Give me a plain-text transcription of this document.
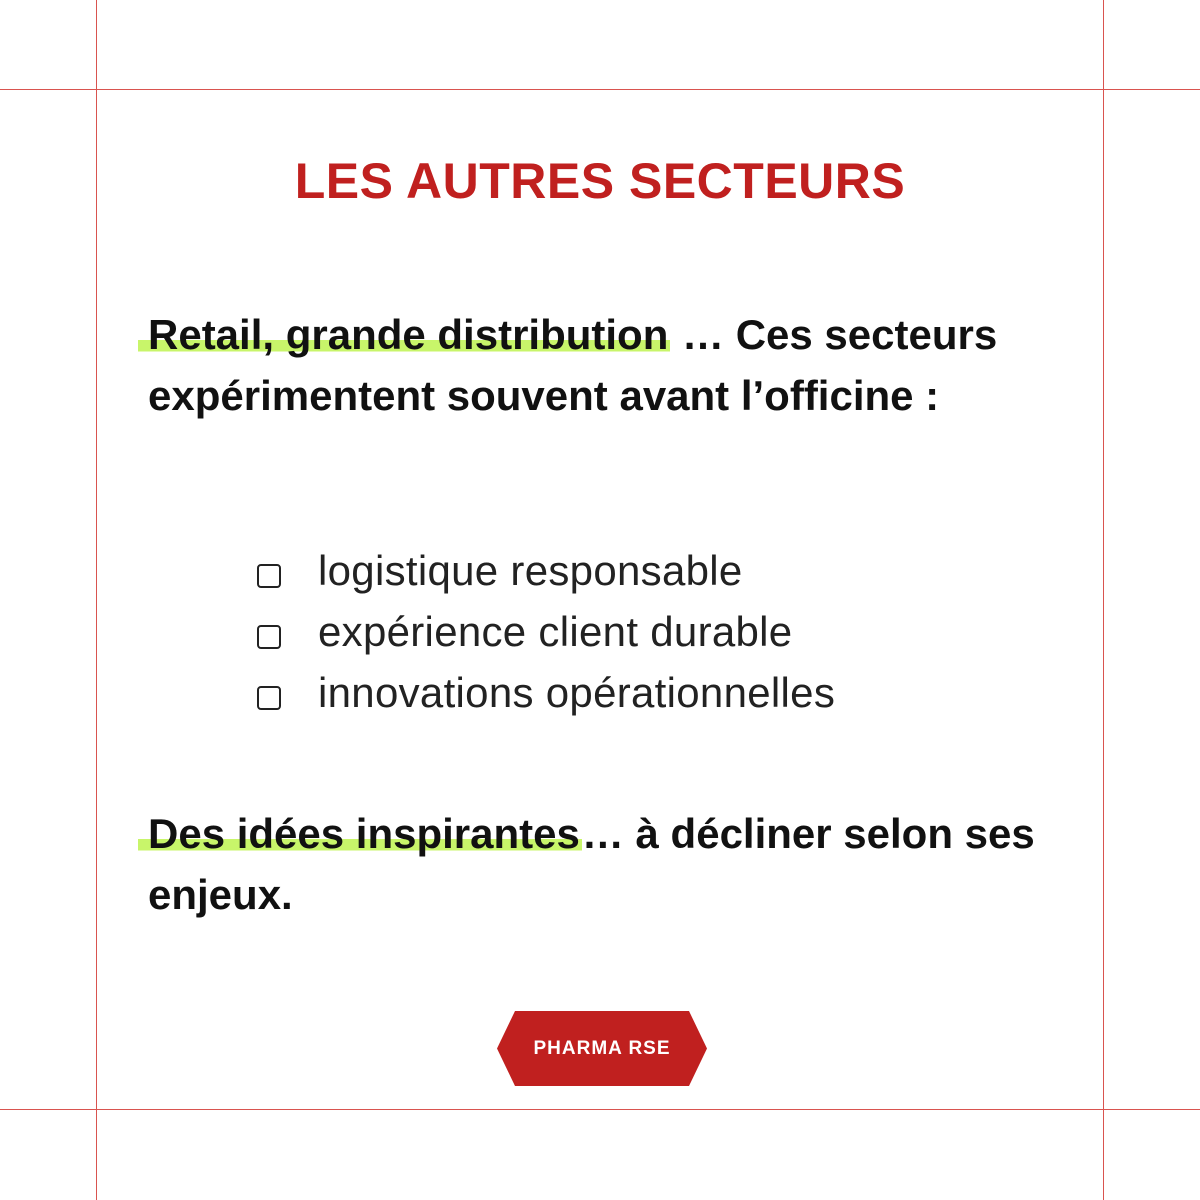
LES AUTRES SECTEURS
Retail, grande distribution … Ces secteurs expérimentent souvent avant l’officine :
logistique responsable
expérience client durable
innovations opérationnelles
Des idées inspirantes… à décliner selon ses enjeux.
PHARMA RSE
